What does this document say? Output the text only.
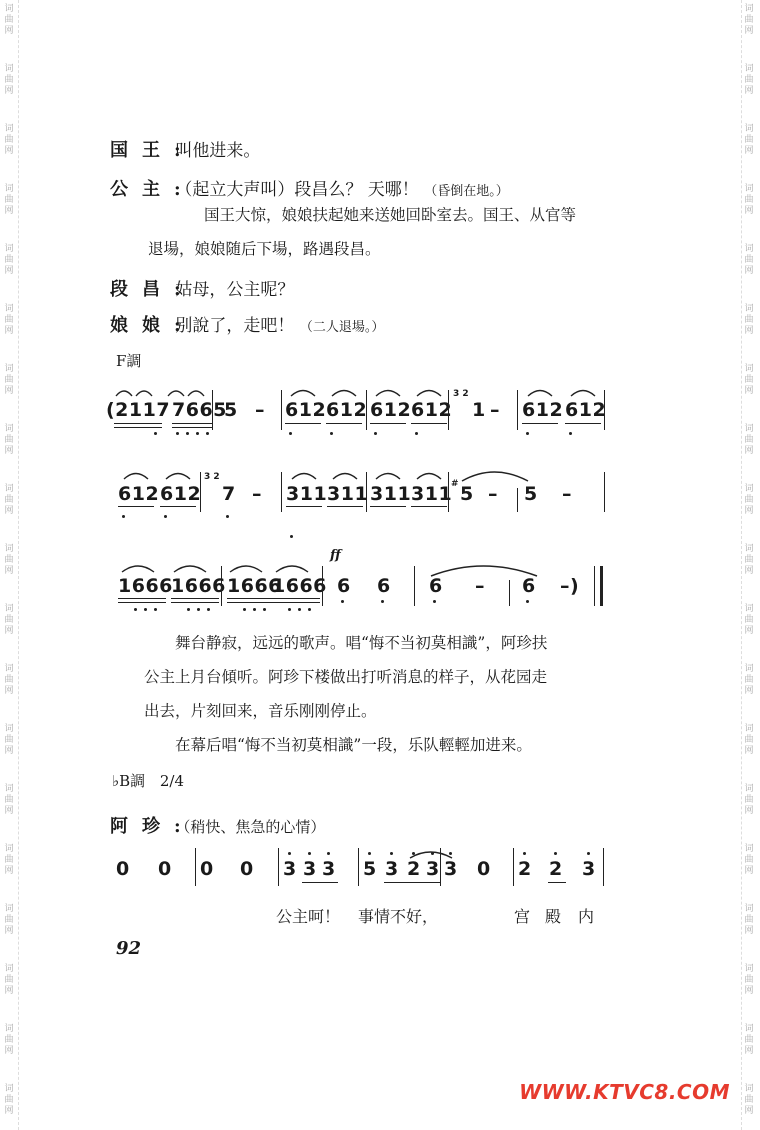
词
曲
网
词
曲
网
词
曲
网
词
曲
网
词
曲
网
词
曲
网
词
曲
网
词
曲
网
词
曲
网
词
曲
网
词
曲
网
词
曲
网
词
曲
网
词
曲
网
词
曲
网
词
曲
网
词
曲
网
词
曲
网
词
曲
网
词
曲
网
词
曲
网
词
曲
网
词
曲
网
词
曲
网
词
曲
网
词
曲
网
词
曲
网
词
曲
网
词
曲
网
词
曲
网
词
曲
网
词
曲
网
词
曲
网
词
曲
网
词
曲
网
词
曲
网
词
曲
网
词
曲
网
国王: 叫他进来。
公主: （起立大声叫）段昌么？ 天哪！ （昏倒在地。）
国王大惊，娘娘扶起她来送她回卧室去。国王、从官等
退場，娘娘随后下場，路遇段昌。
段昌: 姑母，公主呢？
娘娘: 别說了，走吧！ （二人退場。）
F調
(2117 7665
5 – 612 612 612 612
3 2
1 – 612 612
612 612
3 2
7 – 311 311 311 311
# 5 – 5 –
ff
1666
1666 1666
1666 6 6 6 – 6 –)
舞台静寂，远远的歌声。唱“悔不当初莫相識”，阿珍扶
公主上月台傾听。阿珍下楼做出打听消息的样子，从花园走
出去，片刻回来，音乐刚刚停止。
在幕后唱“悔不当初莫相識”一段，乐队輕輕加进来。
♭B調 2/4
阿珍: （稍快、焦急的心情）
0 0 0 0 3 3 3 5 3 2 3 3 0 2 2 3
公主呵！ 事情不好，	宫 殿 内
92
WWW.KTVC8.COM
